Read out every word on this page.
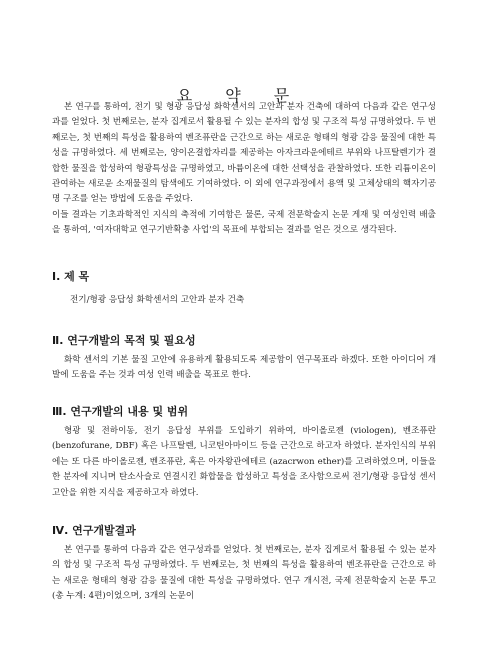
요 약 문

본 연구를 통하여, 전기 및 형광 응답성 화학센서의 고안과 분자 건축에 대하여 다음과 같은 연구성과를 얻었다. 첫 번째로는, 분자 집게로서 활용될 수 있는 분자의 합성 및 구조적 특성 규명하였다. 두 번째로는, 첫 번째의 특성을 활용하여 벤조퓨란을 근간으로 하는 새로운 형태의 형광 감응 물질에 대한 특성을 규명하였다. 세 번째로는, 양이온결합자리를 제공하는 아자크라운에테르 부위와 나프탈렌기가 결합한 물질을 합성하여 형광특성을 규명하였고, 바륨이온에 대한 선택성을 관찰하였다. 또한 리튬이온이 관여하는 새로운 소재물질의 탐색에도 기여하였다. 이 외에 연구과정에서 용액 및 고체상태의 핵자기공명 구조를 얻는 방법에 도움을 주었다.
이들 결과는 기초과학적인 지식의 축적에 기여함은 물론, 국제 전문학술지 논문 게재 및 여성인력 배출을 통하여, '여자대학교 연구기반확충 사업'의 목표에 부합되는 결과를 얻은 것으로 생각된다.

Ⅰ. 제 목

전기/형광 응답성 화학센서의 고안과 분자 건축

Ⅱ. 연구개발의 목적 및 필요성

화학 센서의 기본 물질 고안에 유용하게 활용되도록 제공함이 연구목표라 하겠다. 또한 아이디어 개발에 도움을 주는 것과 여성 인력 배출을 목표로 한다.

Ⅲ. 연구개발의 내용 및 범위

형광 및 전하이동, 전기 응답성 부위를 도입하기 위하여, 바이올로젠 (viologen), 벤조퓨란 (benzofurane, DBF) 혹은 나프탈렌, 니코틴아마이드 등을 근간으로 하고자 하였다. 분자인식의 부위에는 또 다른 바이올로젠, 벤조퓨란, 혹은 아자왕관에테르 (azacrwon ether)를 고려하였으며, 이들을 한 분자에 지니며 탄소사슬로 연결시킨 화합물을 합성하고 특성을 조사함으로써 전기/형광 응답성 센서 고안을 위한 지식을 제공하고자 하였다.

Ⅳ. 연구개발결과

본 연구를 통하여 다음과 같은 연구성과를 얻었다. 첫 번째로는, 분자 집게로서 활용될 수 있는 분자의 합성 및 구조적 특성 규명하였다. 두 번째로는, 첫 번째의 특성을 활용하여 벤조퓨란을 근간으로 하는 새로운 형태의 형광 감응 물질에 대한 특성을 규명하였다. 연구 개시전, 국제 전문학술지 논문 투고 (총 누계: 4편)이었으며, 3개의 논문이
